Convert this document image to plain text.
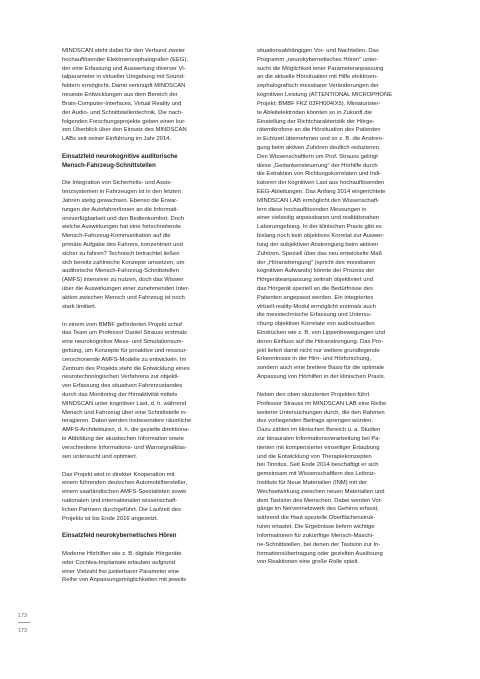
MINDSCAN steht dabei für den Verbund zweier
hochauflösender Elektroenzephalografen (EEG),
der eine Erfassung und Auswertung diverser Vi-
talparameter in virtueller Umgebung mit Sound-
feldern ermöglicht. Damit verknüpft MINDSCAN
neueste Entwicklungen aus dem Bereich der
Brain-Computer-Interfaces, Virtual Reality und
der Audio- und Schnittstellentechnik. Die nach-
folgenden Forschungsprojekte geben einen kur-
zen Überblick über den Einsatz des MINDSCAN
LABs seit seiner Einführung im Jahr 2014.

Einsatzfeld neurokognitive auditorische
Mensch-Fahrzeug-Schnittstellen

Die Integration von Sicherheits- und Assis-
tenzsystemen in Fahrzeugen ist in den letzten
Jahren stetig gewachsen. Ebenso die Erwar-
tungen der Autofahrer/innen an die Informati-
onsverfügbarkeit und den Bedienkomfort. Doch
welche Auswirkungen hat eine fortschreitende
Mensch-Fahrzeug-Kommunikation auf die
primäre Aufgabe des Fahrers, konzentriert und
sicher zu fahren? Technisch betrachtet ließen
sich bereits zahlreiche Konzepte umsetzen, um
auditorische Mensch-Fahrzeug-Schnittstellen
(AMFS) intensiver zu nutzen, doch das Wissen
über die Auswirkungen einer zunehmenden Inter-
aktion zwischen Mensch und Fahrzeug ist noch
stark limitiert.

In einem vom BMBF geförderten Projekt schuf
das Team um Professor Daniel Strauss erstmals
eine neurokognitive Mess- und Simulationsum-
gebung, um Konzepte für proaktive und ressour-
censchonende AMFS-Modelle zu entwickeln. Im
Zentrum des Projekts steht die Entwicklung eines
neurotechnologischen Verfahrens zur objekti-
ven Erfassung des situativen Fahrerzustandes
durch das Monitoring der Hirnaktivität mittels
MINDSCAN unter kognitiver Last, d. h. während
Mensch und Fahrzeug über eine Schnittstelle in-
teragieren. Dabei werden insbesondere räumliche
AMFS-Architekturen, d. h. die gezielte direktiona-
le Abbildung der akustischen Information sowie
verschiedene Informations- und Warnsignalklas-
sen untersucht und optimiert.

Das Projekt wird in direkter Kooperation mit
einem führenden deutschen Automobilhersteller,
einem saarländischen AMFS-Spezialisten sowie
nationalen und internationalen wissenschaft-
lichen Partnern durchgeführt. Die Laufzeit des
Projekts ist bis Ende 2016 angesetzt.

Einsatzfeld neurokybernetisches Hören

Moderne Hörhilfen wie z. B. digitale Hörgeräte
oder Cochlea-Implantate erlauben aufgrund
einer Vielzahl frei justierbarer Parameter eine
Reihe von Anpassungsmöglichkeiten mit jeweils

situationsabhängigen Vor- und Nachteilen. Das
Programm „neurokybernetisches Hören" unter-
sucht die Möglichkeit einer Parameteranpassung
an die aktuelle Hörsituation mit Hilfe elektroen-
zephalografisch messbarer Veränderungen der
kognitiven Leistung (ATTENTIONAL MICROPHONE
Projekt; BMBF FKZ 03FH004IX5). Miniaturisier-
te Ableitelektroden könnten so in Zukunft die
Einstellung der Richtcharakteristik der Hörge-
rätemikrofone an die Hörsituation des Patienten
in Echtzeit übernehmen und so z. B. die Anstren-
gung beim aktiven Zuhören deutlich reduzieren.
Den Wissenschaftlern um Prof. Strauss gelingt
diese „Gedankensteuerung" der Hörhilfe durch
die Extraktion von Richtungskorrelaten und Indi-
katoren der kognitiven Last aus hochauflösenden
EEG-Ableitungen. Das Anfang 2014 eingerichtete
MINDSCAN LAB ermöglicht den Wissenschaft-
lern diese hochauflösenden Messungen in
einer vielseitig anpassbaren und realitätsnahen
Laborumgebung. In der klinischen Praxis gibt es
bislang noch kein objektives Korrelat zur Auswer-
tung der subjektiven Anstrengung beim aktiven
Zuhören. Speziell über das neu entwickelte Maß
der „Höranstrengung" (spricht des messbaren
kognitiven Aufwands) könnte der Prozess der
Hörgeräteanpassung zeitnah objektiviert und
das Hörgerät speziell an die Bedürfnisse des
Patienten angepasst werden. Ein integriertes
virtuell-reality-Modul ermöglicht erstmals auch
die messtechnische Erfassung und Untersu-
chung objektiver Korrelate von audiovisuellen
Eindrücken wie z. B. von Lippenbewegungen und
deren Einfluss auf die Höranstrengung. Das Pro-
jekt liefert damit nicht nur weitere grundlegende
Erkenntnisse in der Hirn- und Hörforschung,
sondern auch eine breitere Basis für die optimale
Anpassung von Hörhilfen in der klinischen Praxis.

Neben den oben skizzierten Projekten führt
Professor Strauss im MINDSCAN LAB eine Reihe
weiterer Untersuchungen durch, die den Rahmen
des vorliegenden Beitrags sprengen würden.
Dazu zählen im klinischen Bereich u. a. Studien
zur binauralen Informationsverarbeitung bei Pa-
tienten mit kompensierter einseitiger Ertaubung
und die Entwicklung von Therapiekonzepten
bei Tinnitus. Seit Ende 2014 beschäftigt er sich
gemeinsam mit Wissenschaftlern des Leibniz-
Instituts für Neue Materialien (INM) mit der
Wechselwirkung zwischen neuen Materialien und
dem Tastsinn des Menschen. Dabei werden Vor-
gänge im Nervennetzwerk des Gehirns erfasst,
während die Haut spezielle Oberflächenstruk-
turen ertastet. Die Ergebnisse liefern wichtige
Informationen für zukünftige Mensch-Maschi-
ne-Schnittstellen, bei denen der Tastsinn zur In-
formationsübertragung oder gezielten Auslösung
von Reaktionen eine große Rolle spielt.

173
173
